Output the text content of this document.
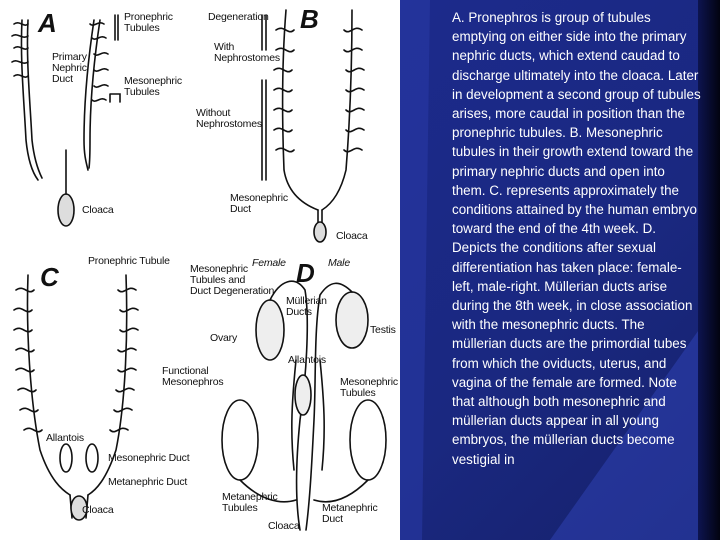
A	B
C	D
Pronephric
Tubules
Degeneration
With
Nephrostomes
Primary
Nephric
Duct	Mesonephric
Tubules
Without
Nephrostomes
Cloaca
Mesonephric
Duct
Cloaca
Pronephric Tubule
Functional
Mesonephros
Allantois
Mesonephric Duct
Metanephric Duct
Cloaca
Mesonephric
Tubules and
Duct Degeneration
Female	Male
Müllerian
Ducts
Ovary
Testis
Allantois
Mesonephric
Tubules
Metanephric
Tubules
Cloaca
Metanephric
Duct
A. Pronephros is group of tubules emptying on either side into the primary nephric ducts, which extend caudad to discharge ultimately into the cloaca. Later in development a second group of tubules arises, more caudal in position than the pronephric tubules. B. Mesonephric tubules in their growth extend toward the primary nephric ducts and open into them. C. represents approximately the conditions attained by the human embryo toward the end of the 4th week. D. Depicts the conditions after sexual differentiation has taken place: female-left, male-right. Müllerian ducts arise during the 8th week, in close association with the mesonephric ducts. The müllerian ducts are the primordial tubes from which the oviducts, uterus, and vagina of the female are formed. Note that although both mesonephric and müllerian ducts appear in all young embryos, the müllerian ducts become vestigial in
